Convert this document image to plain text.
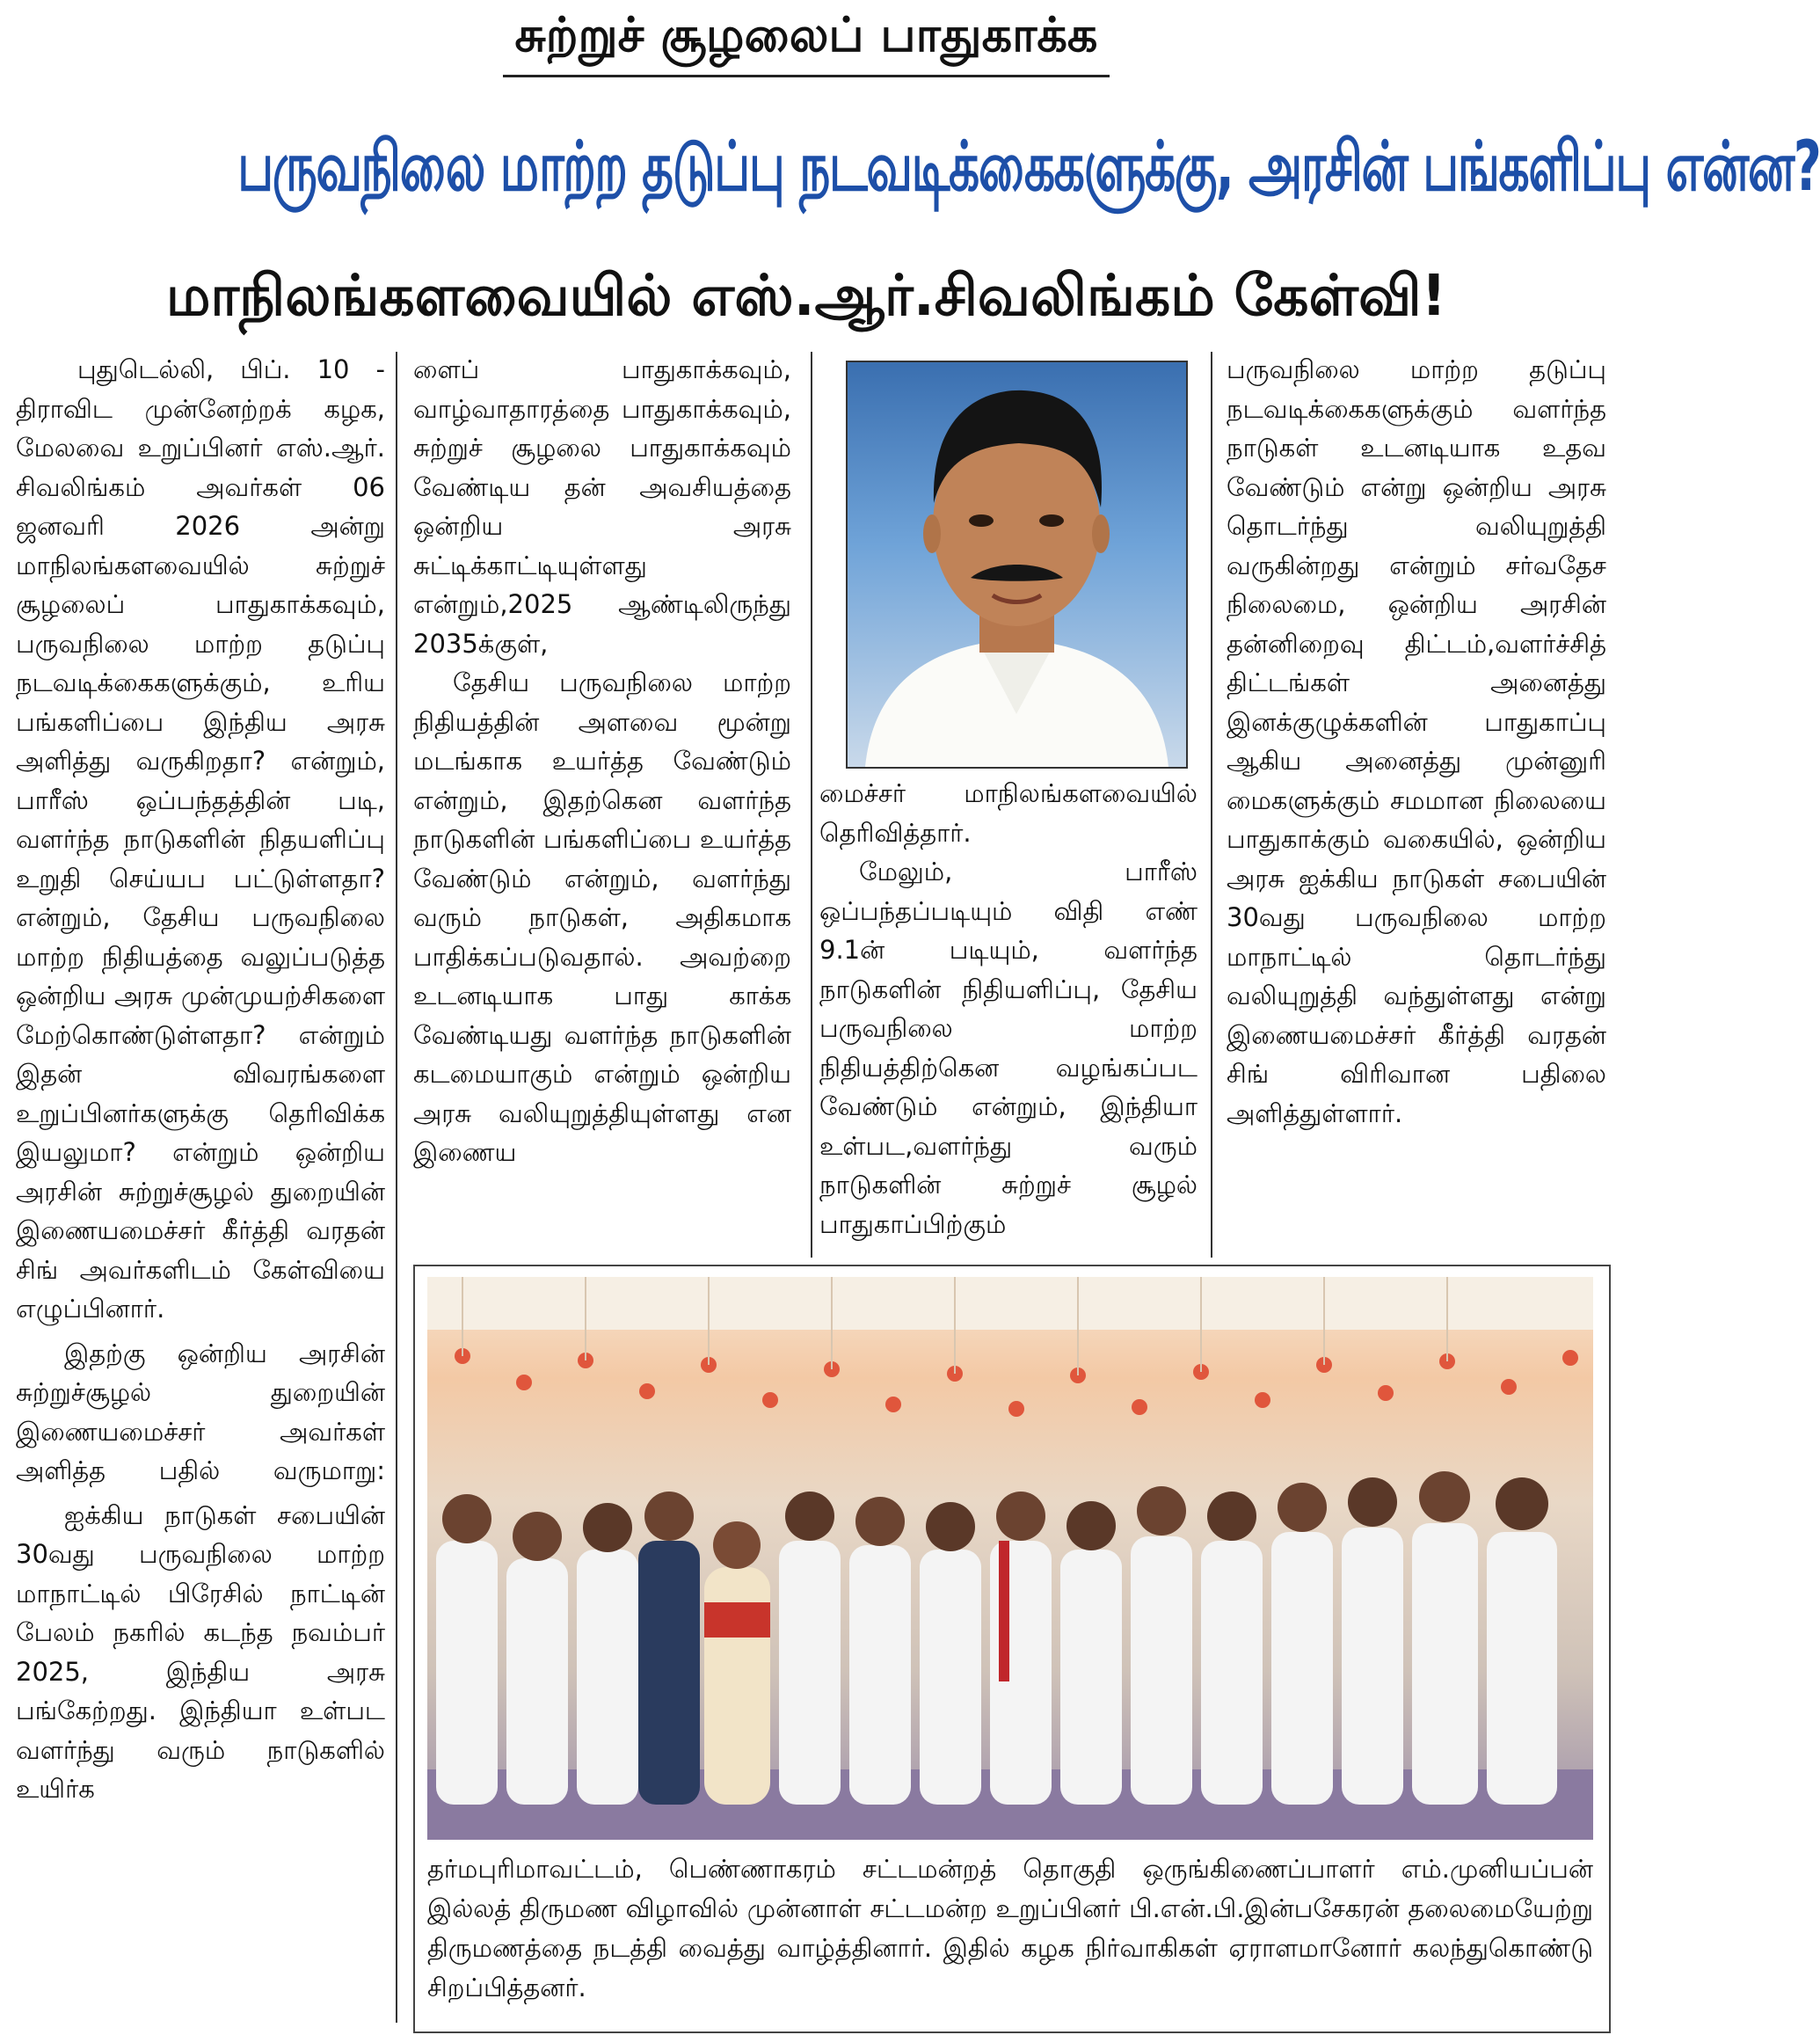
சுற்றுச் சூழலைப் பாதுகாக்க
பருவநிலை மாற்ற தடுப்பு நடவடிக்கைகளுக்கு, அரசின் பங்களிப்பு என்ன?
மாநிலங்களவையில் எஸ்.ஆர்.சிவலிங்கம் கேள்வி!

புதுடெல்லி, பிப். 10 - திராவிட முன்னேற்றக் கழக, மேலவை உறுப்பினர் எஸ்.ஆர். சிவலிங்கம் அவர்கள் 06 ஜனவரி 2026 அன்று மாநிலங்களவையில் சுற்றுச் சூழலைப் பாதுகாக்கவும், பருவநிலை மாற்ற தடுப்பு நடவடிக்கைகளுக்கும், உரிய பங்களிப்பை இந்திய அரசு அளித்து வருகிறதா? என்றும், பாரீஸ் ஒப்பந்தத்தின் படி, வளர்ந்த நாடுகளின் நிதயளிப்பு உறுதி செய்யப பட்டுள்ளதா? என்றும், தேசிய பருவநிலை மாற்ற நிதியத்தை வலுப்படுத்த ஒன்றிய அரசு முன்முயற்சிகளை மேற்கொண்டுள்ளதா? என்றும் இதன் விவரங்களை உறுப்பினர்களுக்கு தெரிவிக்க இயலுமா? என்றும் ஒன்றிய அரசின் சுற்றுச்சூழல் துறையின் இணையமைச்சர் கீர்த்தி வரதன் சிங் அவர்களிடம் கேள்வியை எழுப்பினார்.

இதற்கு ஒன்றிய அரசின் சுற்றுச்சூழல் துறையின் இணையமைச்சர் அவர்கள் அளித்த பதில் வருமாறு:

ஐக்கிய நாடுகள் சபையின் 30வது பருவநிலை மாற்ற மாநாட்டில் பிரேசில் நாட்டின் பேலம் நகரில் கடந்த நவம்பர் 2025, இந்திய அரசு பங்கேற்றது. இந்தியா உள்பட வளர்ந்து வரும் நாடுகளில் உயிர்க

ளைப் பாதுகாக்கவும், வாழ்வாதாரத்தை பாதுகாக்கவும், சுற்றுச் சூழலை பாதுகாக்கவும் வேண்டிய தன் அவசியத்தை ஒன்றிய அரசு சுட்டிக்காட்டியுள்ளது என்றும்,2025 ஆண்டிலிருந்து 2035க்குள்,

தேசிய பருவநிலை மாற்ற நிதியத்தின் அளவை மூன்று மடங்காக உயர்த்த வேண்டும் என்றும், இதற்கென வளர்ந்த நாடுகளின் பங்களிப்பை உயர்த்த வேண்டும் என்றும், வளர்ந்து வரும் நாடுகள், அதிகமாக பாதிக்கப்படுவதால். அவற்றை உடனடியாக பாது காக்க வேண்டியது வளர்ந்த நாடுகளின் கடமையாகும் என்றும் ஒன்றிய அரசு வலியுறுத்தியுள்ளது என இணைய

மைச்சர் மாநிலங்களவையில் தெரிவித்தார்.

மேலும், பாரீஸ் ஒப்பந்தப்படியும் விதி எண் 9.1ன் படியும், வளர்ந்த நாடுகளின் நிதியளிப்பு, தேசிய பருவநிலை மாற்ற நிதியத்திற்கென வழங்கப்பட வேண்டும் என்றும், இந்தியா உள்பட,வளர்ந்து வரும் நாடுகளின் சுற்றுச் சூழல் பாதுகாப்பிற்கும்

பருவநிலை மாற்ற தடுப்பு நடவடிக்கைகளுக்கும் வளர்ந்த நாடுகள் உடனடியாக உதவ வேண்டும் என்று ஒன்றிய அரசு தொடர்ந்து வலியுறுத்தி வருகின்றது என்றும் சர்வதேச நிலைமை, ஒன்றிய அரசின் தன்னிறைவு திட்டம்,வளர்ச்சித் திட்டங்கள் அனைத்து இனக்குழுக்களின் பாதுகாப்பு ஆகிய அனைத்து முன்னுரி மைகளுக்கும் சமமான நிலையை பாதுகாக்கும் வகையில், ஒன்றிய அரசு ஐக்கிய நாடுகள் சபையின் 30வது பருவநிலை மாற்ற மாநாட்டில் தொடர்ந்து வலியுறுத்தி வந்துள்ளது என்று இணையமைச்சர் கீர்த்தி வரதன் சிங் விரிவான பதிலை அளித்துள்ளார்.

தர்மபுரிமாவட்டம், பெண்ணாகரம் சட்டமன்றத் தொகுதி ஒருங்கிணைப்பாளர் எம்.முனியப்பன் இல்லத் திருமண விழாவில் முன்னாள் சட்டமன்ற உறுப்பினர் பி.என்.பி.இன்பசேகரன் தலைமையேற்று திருமணத்தை நடத்தி வைத்து வாழ்த்தினார். இதில் கழக நிர்வாகிகள் ஏராளமானோர் கலந்துகொண்டு சிறப்பித்தனர்.
